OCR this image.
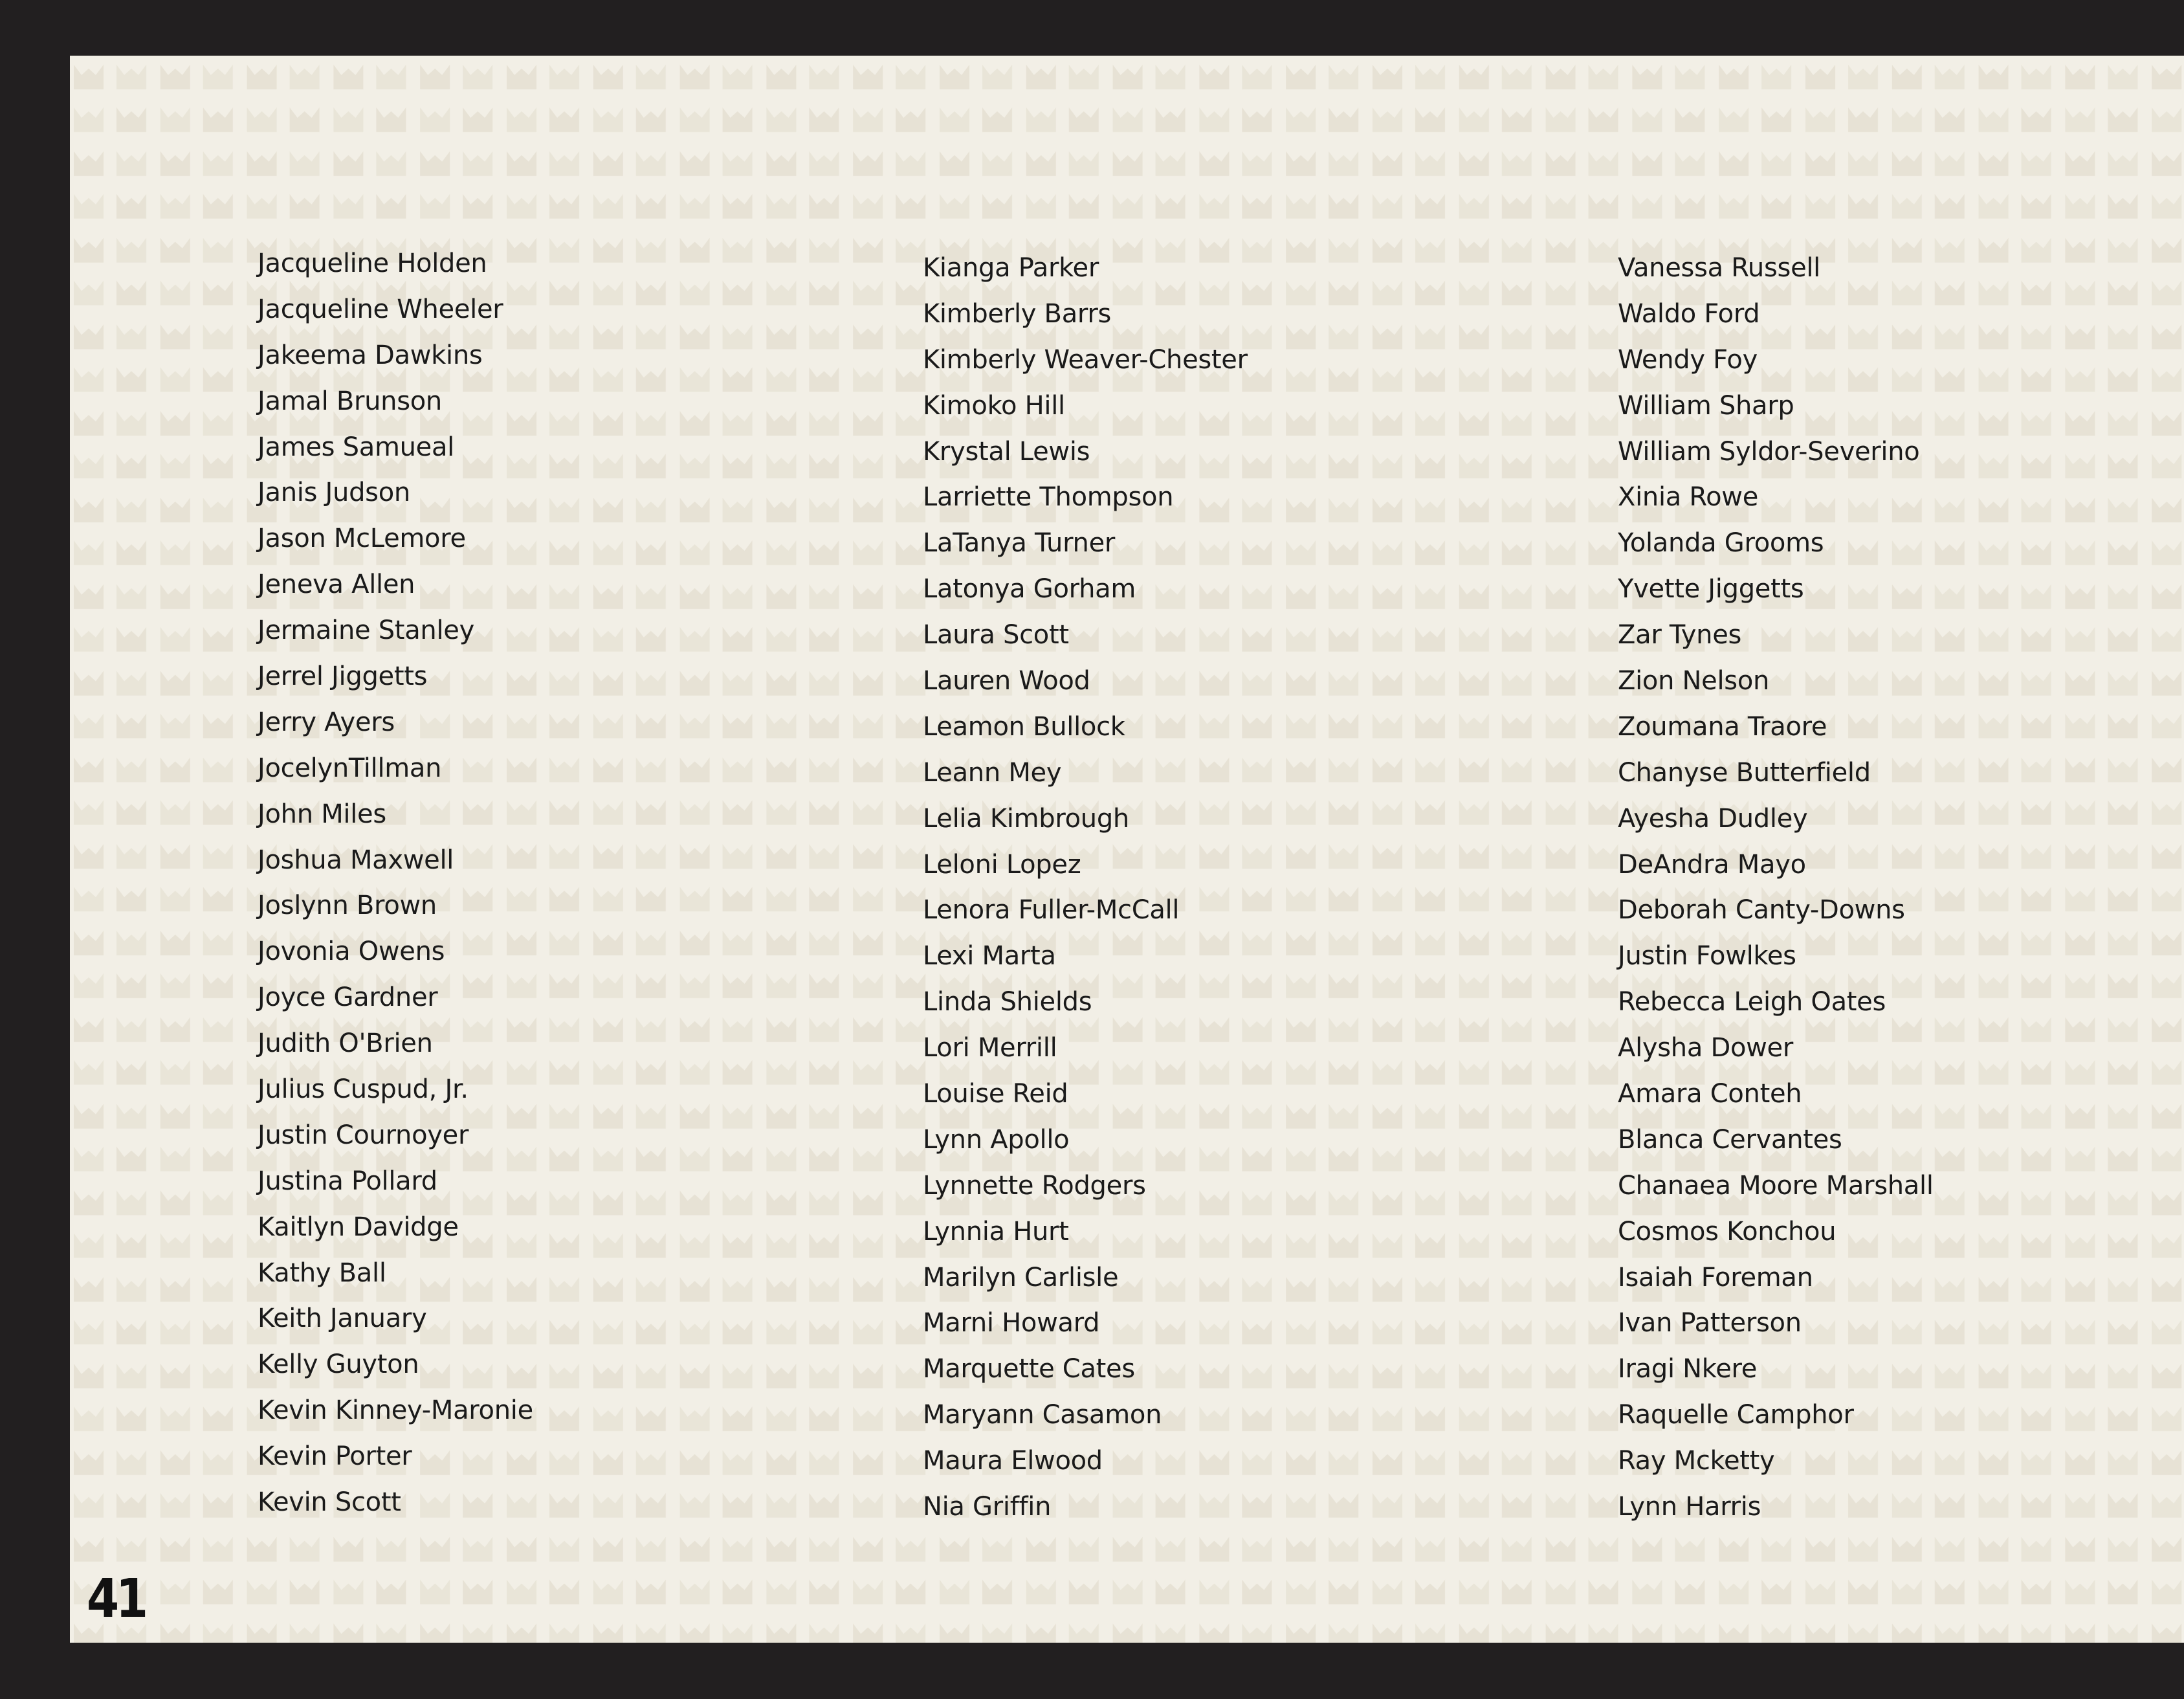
Jacqueline Holden
Jacqueline Wheeler
Jakeema Dawkins
Jamal Brunson
James Samueal
Janis Judson
Jason McLemore
Jeneva Allen
Jermaine Stanley
Jerrel Jiggetts
Jerry Ayers
JocelynTillman
John Miles
Joshua Maxwell
Joslynn Brown
Jovonia Owens
Joyce Gardner
Judith O'Brien
Julius Cuspud, Jr.
Justin Cournoyer
Justina Pollard
Kaitlyn Davidge
Kathy Ball
Keith January
Kelly Guyton
Kevin Kinney-Maronie
Kevin Porter
Kevin Scott
Kianga Parker
Kimberly Barrs
Kimberly Weaver-Chester
Kimoko Hill
Krystal Lewis
Larriette Thompson
LaTanya Turner
Latonya Gorham
Laura Scott
Lauren Wood
Leamon Bullock
Leann Mey
Lelia Kimbrough
Leloni Lopez
Lenora Fuller-McCall
Lexi Marta
Linda Shields
Lori Merrill
Louise Reid
Lynn Apollo
Lynnette Rodgers
Lynnia Hurt
Marilyn Carlisle
Marni Howard
Marquette Cates
Maryann Casamon
Maura Elwood
Nia Griffin
Vanessa Russell
Waldo Ford
Wendy Foy
William Sharp
William Syldor-Severino
Xinia Rowe
Yolanda Grooms
Yvette Jiggetts
Zar Tynes
Zion Nelson
Zoumana Traore
Chanyse Butterfield
Ayesha Dudley
DeAndra Mayo
Deborah Canty-Downs
Justin Fowlkes
Rebecca Leigh Oates
Alysha Dower
Amara Conteh
Blanca Cervantes
Chanaea Moore Marshall
Cosmos Konchou
Isaiah Foreman
Ivan Patterson
Iragi Nkere
Raquelle Camphor
Ray Mcketty
Lynn Harris
41
